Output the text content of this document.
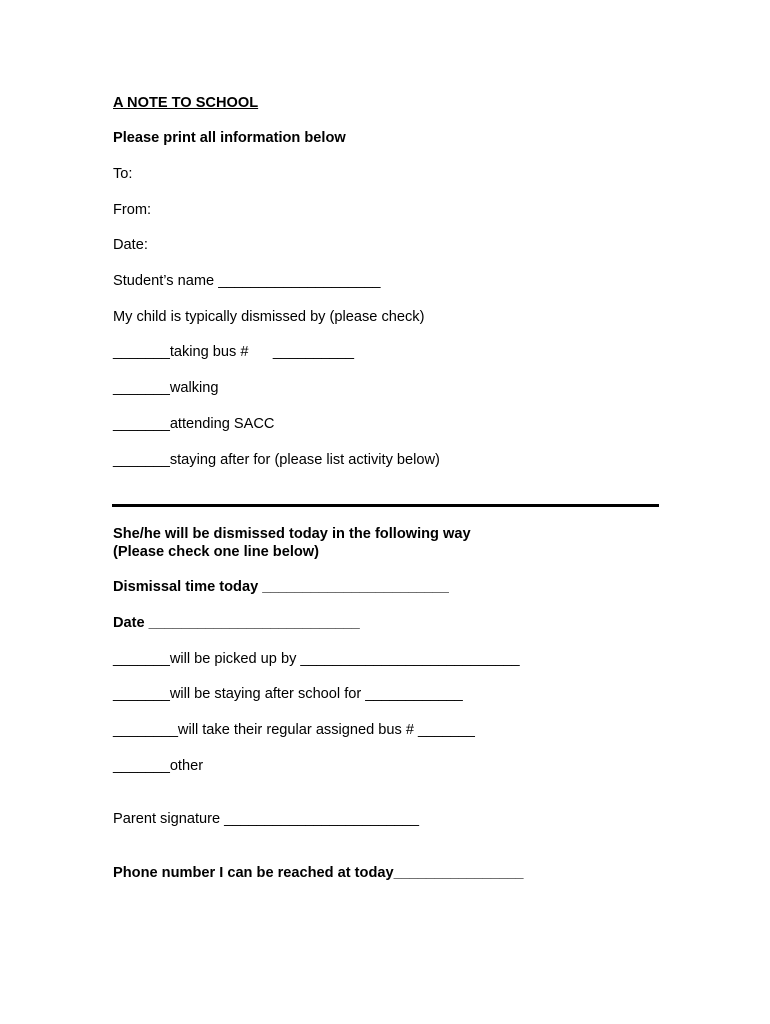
A NOTE TO SCHOOL
Please print all information below
To:
From:
Date:
Student’s name ____________________
My child is typically dismissed by (please check)
_______taking bus #      __________
_______walking
_______attending SACC
_______staying after for (please list activity below)
She/he will be dismissed today in the following way
(Please check one line below)
Dismissal time today _______________________
Date __________________________
_______will be picked up by ___________________________
_______will be staying after school for ____________
________will take their regular assigned bus # _______
_______other
Parent signature ________________________
Phone number I can be reached at today________________
